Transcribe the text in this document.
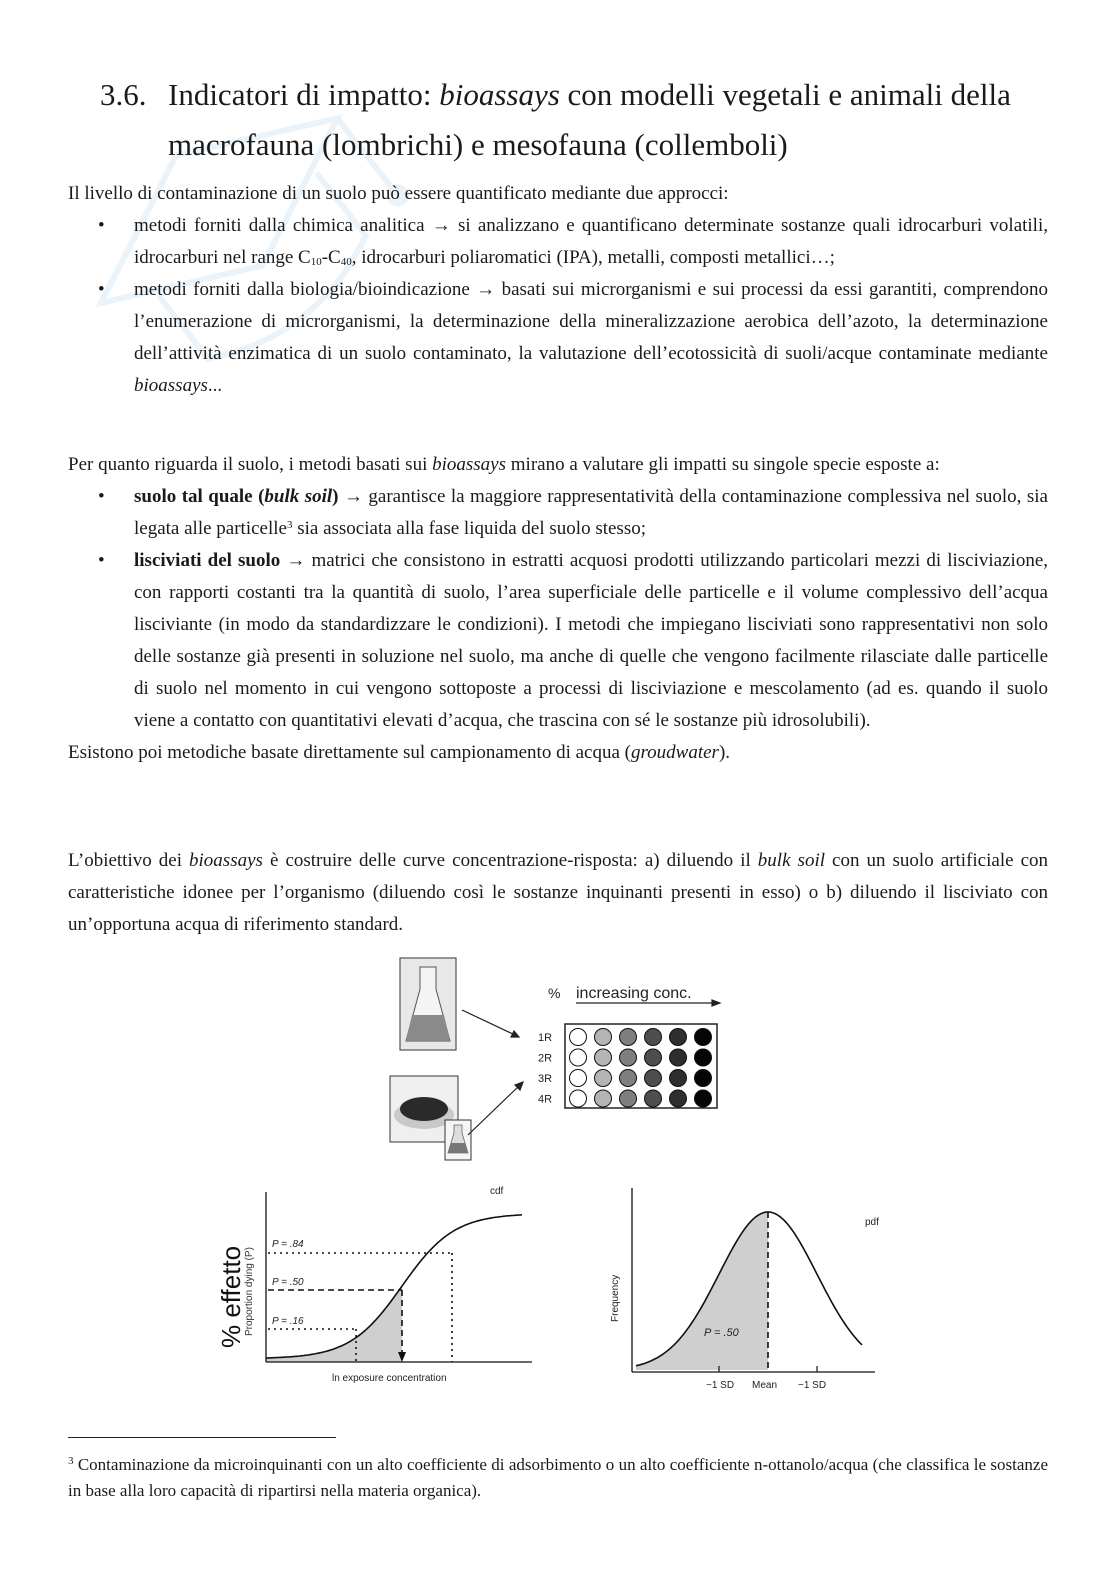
3.6. Indicatori di impatto: bioassays con modelli vegetali e animali della macrofauna (lombrichi) e mesofauna (collemboli)

Il livello di contaminazione di un suolo può essere quantificato mediante due approcci:

• metodi forniti dalla chimica analitica → si analizzano e quantificano determinate sostanze quali idrocarburi volatili, idrocarburi nel range $C_{10}-C_{40}$, idrocarburi poliaromatici (IPA), metalli, composti metallici…;
• metodi forniti dalla biologia/bioindicazione → basati sui microrganismi e sui processi da essi garantiti, comprendono l’enumerazione di microrganismi, la determinazione della mineralizzazione aerobica dell’azoto, la determinazione dell’attività enzimatica di un suolo contaminato, la valutazione dell’ecotossicità di suoli/acque contaminate mediante bioassays...

Per quanto riguarda il suolo, i metodi basati sui bioassays mirano a valutare gli impatti su singole specie esposte a:

• suolo tal quale (bulk soil) → garantisce la maggiore rappresentatività della contaminazione complessiva nel suolo, sia legata alle particelle$^3$ sia associata alla fase liquida del suolo stesso;
• lisciviati del suolo → matrici che consistono in estratti acquosi prodotti utilizzando particolari mezzi di lisciviazione, con rapporti costanti tra la quantità di suolo, l’area superficiale delle particelle e il volume complessivo dell’acqua lisciviante (in modo da standardizzare le condizioni). I metodi che impiegano lisciviati sono rappresentativi non solo delle sostanze già presenti in soluzione nel suolo, ma anche di quelle che vengono facilmente rilasciate dalle particelle di suolo nel momento in cui vengono sottoposte a processi di lisciviazione e mescolamento (ad es. quando il suolo viene a contatto con quantitativi elevati d’acqua, che trascina con sé le sostanze più idrosolubili).

Esistono poi metodiche basate direttamente sul campionamento di acqua (groudwater).

L’obiettivo dei bioassays è costruire delle curve concentrazione-risposta: a) diluendo il bulk soil con un suolo artificiale con caratteristiche idonee per l’organismo (diluendo così le sostanze inquinanti presenti in esso) o b) diluendo il lisciviato con un’opportuna acqua di riferimento standard.

% increasing conc.
1R
2R
3R
4R
P = .84
P = .50
P = .16
cdf
ln exposure concentration
% effetto
Proportion dying (P)
pdf
P = .50
Frequency
−1 SD Mean −1 SD
$^3$ Contaminazione da microinquinanti con un alto coefficiente di adsorbimento o un alto coefficiente n-ottanolo/acqua (che classifica le sostanze in base alla loro capacità di ripartirsi nella materia organica).
